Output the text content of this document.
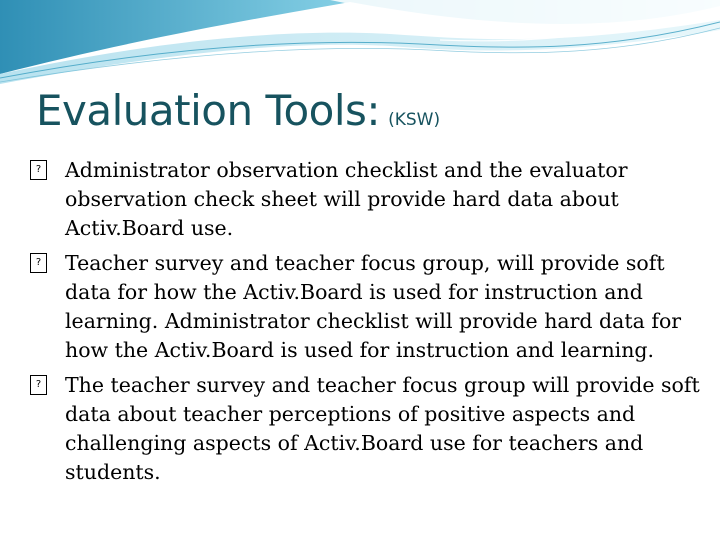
Evaluation Tools: (KSW)
? Administrator observation checklist and the evaluator observation check sheet will provide hard data about Activ.Board use.
? Teacher survey and teacher focus group, will provide soft data for how the Activ.Board is used for instruction and learning. Administrator checklist will provide hard data for how the Activ.Board is used for instruction and learning.
? The teacher survey and teacher focus group will provide soft data about teacher perceptions of positive aspects and challenging aspects of Activ.Board use for teachers and students.
